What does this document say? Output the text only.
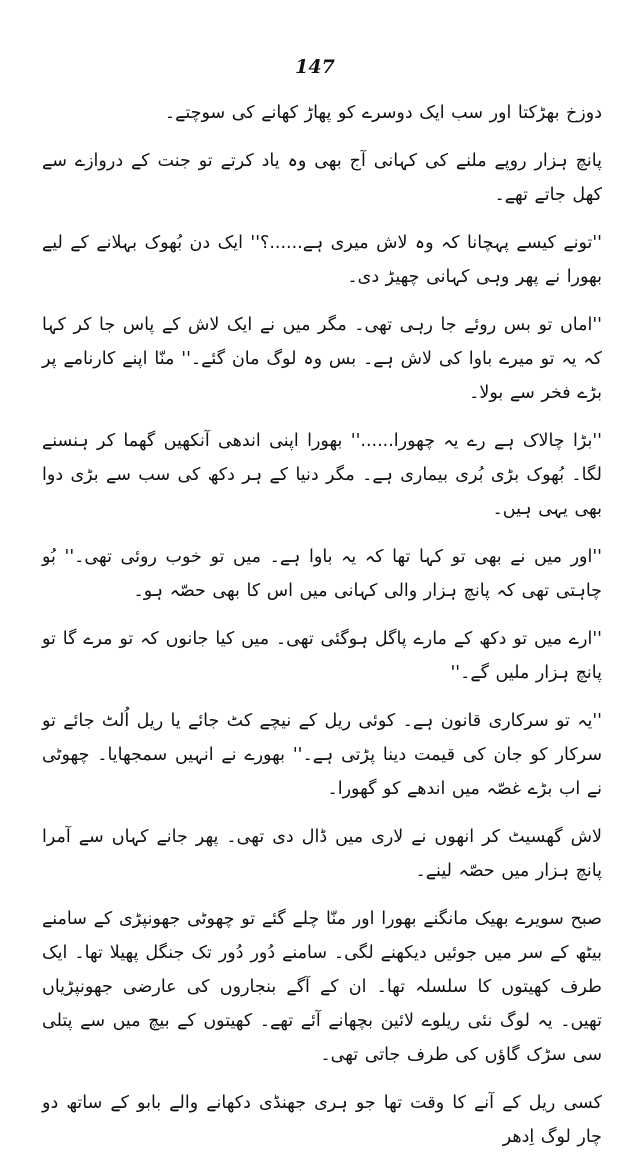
147

دوزخ بھڑکتا اور سب ایک دوسرے کو پھاڑ کھانے کی سوچتے۔

پانچ ہزار روپے ملنے کی کہانی آج بھی وہ یاد کرتے تو جنت کے دروازے سے کھل جاتے تھے۔

''تونے کیسے پہچانا کہ وہ لاش میری ہے......؟'' ایک دن بُھوک بہلانے کے لیے بھورا نے پھر وہی کہانی چھیڑ دی۔

''اماں تو بس روئے جا رہی تھی۔ مگر میں نے ایک لاش کے پاس جا کر کہا کہ یہ تو میرے باوا کی لاش ہے۔ بس وہ لوگ مان گئے۔'' منّا اپنے کارنامے پر بڑے فخر سے بولا۔

''بڑا چالاک ہے رے یہ چھورا......'' بھورا اپنی اندھی آنکھیں گھما کر ہنسنے لگا۔ بُھوک بڑی بُری بیماری ہے۔ مگر دنیا کے ہر دکھ کی سب سے بڑی دوا بھی یہی ہیں۔

''اور میں نے بھی تو کہا تھا کہ یہ باوا ہے۔ میں تو خوب روئی تھی۔'' بُو چاہتی تھی کہ پانچ ہزار والی کہانی میں اس کا بھی حصّہ ہو۔

''ارے میں تو دکھ کے مارے پاگل ہوگئی تھی۔ میں کیا جانوں کہ تو مرے گا تو پانچ ہزار ملیں گے۔''

''یہ تو سرکاری قانون ہے۔ کوئی ریل کے نیچے کٹ جائے یا ریل اُلٹ جائے تو سرکار کو جان کی قیمت دینا پڑتی ہے۔'' بھورے نے انہیں سمجھایا۔ چھوٹی نے اب بڑے غصّہ میں اندھے کو گھورا۔

لاش گھسیٹ کر انھوں نے لاری میں ڈال دی تھی۔ پھر جانے کہاں سے آمرا پانچ ہزار میں حصّہ لینے۔

صبح سویرے بھیک مانگنے بھورا اور منّا چلے گئے تو چھوٹی جھونپڑی کے سامنے بیٹھ کے سر میں جوئیں دیکھنے لگی۔ سامنے دُور دُور تک جنگل پھیلا تھا۔ ایک طرف کھیتوں کا سلسلہ تھا۔ ان کے آگے بنجاروں کی عارضی جھونپڑیاں تھیں۔ یہ لوگ نئی ریلوے لائین بچھانے آئے تھے۔ کھیتوں کے بیچ میں سے پتلی سی سڑک گاؤں کی طرف جاتی تھی۔

کسی ریل کے آنے کا وقت تھا جو ہری جھنڈی دکھانے والے بابو کے ساتھ دو چار لوگ اِدھر
